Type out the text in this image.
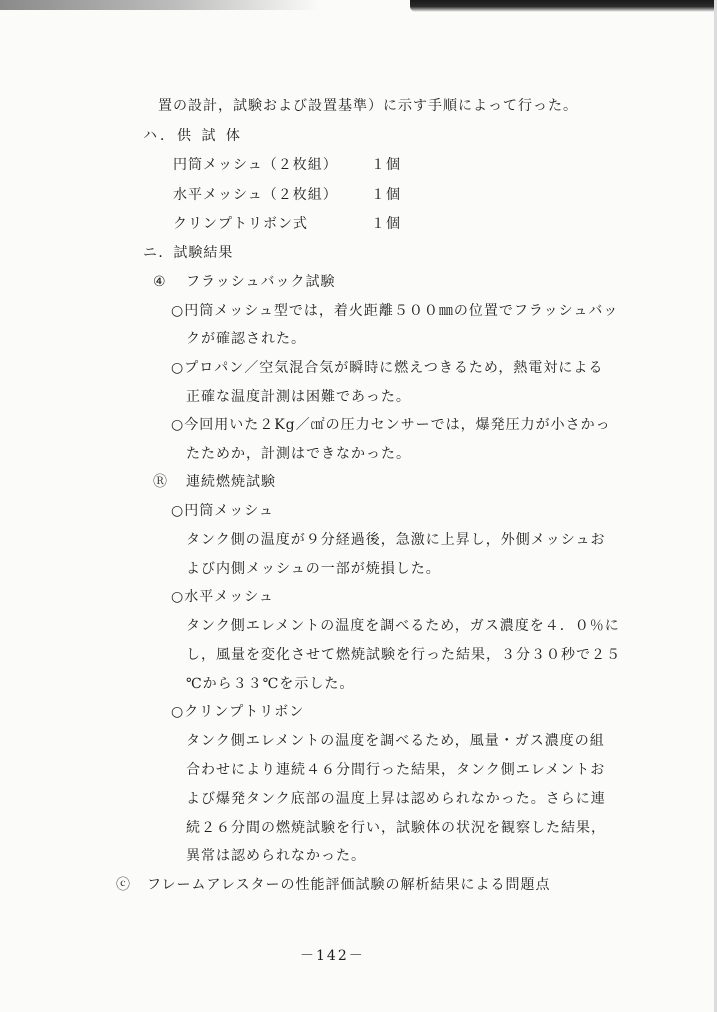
置の設計，試験および設置基準）に示す手順によって行った。
ハ．供 試 体
円筒メッシュ（２枚組） １個
水平メッシュ（２枚組） １個
クリンプトリボン式	１個
ニ．試験結果
④ フラッシュバック試験
○円筒メッシュ型では，着火距離５００㎜の位置でフラッシュバッ
クが確認された。
○プロパン／空気混合気が瞬時に燃えつきるため，熱電対による
正確な温度計測は困難であった。
○今回用いた２Kg／㎠の圧力センサーでは，爆発圧力が小さかっ
たためか，計測はできなかった。
Ⓡ 連続燃焼試験
○円筒メッシュ
タンク側の温度が９分経過後，急激に上昇し，外側メッシュお
よび内側メッシュの一部が焼損した。
○水平メッシュ
タンク側エレメントの温度を調べるため，ガス濃度を４．０％に
し，風量を変化させて燃焼試験を行った結果，３分３０秒で２５
℃から３３℃を示した。
○クリンプトリボン
タンク側エレメントの温度を調べるため，風量・ガス濃度の組
合わせにより連続４６分間行った結果，タンク側エレメントお
よび爆発タンク底部の温度上昇は認められなかった。さらに連
続２６分間の燃焼試験を行い，試験体の状況を観察した結果，
異常は認められなかった。
ⓒ フレームアレスターの性能評価試験の解析結果による問題点
－142－
